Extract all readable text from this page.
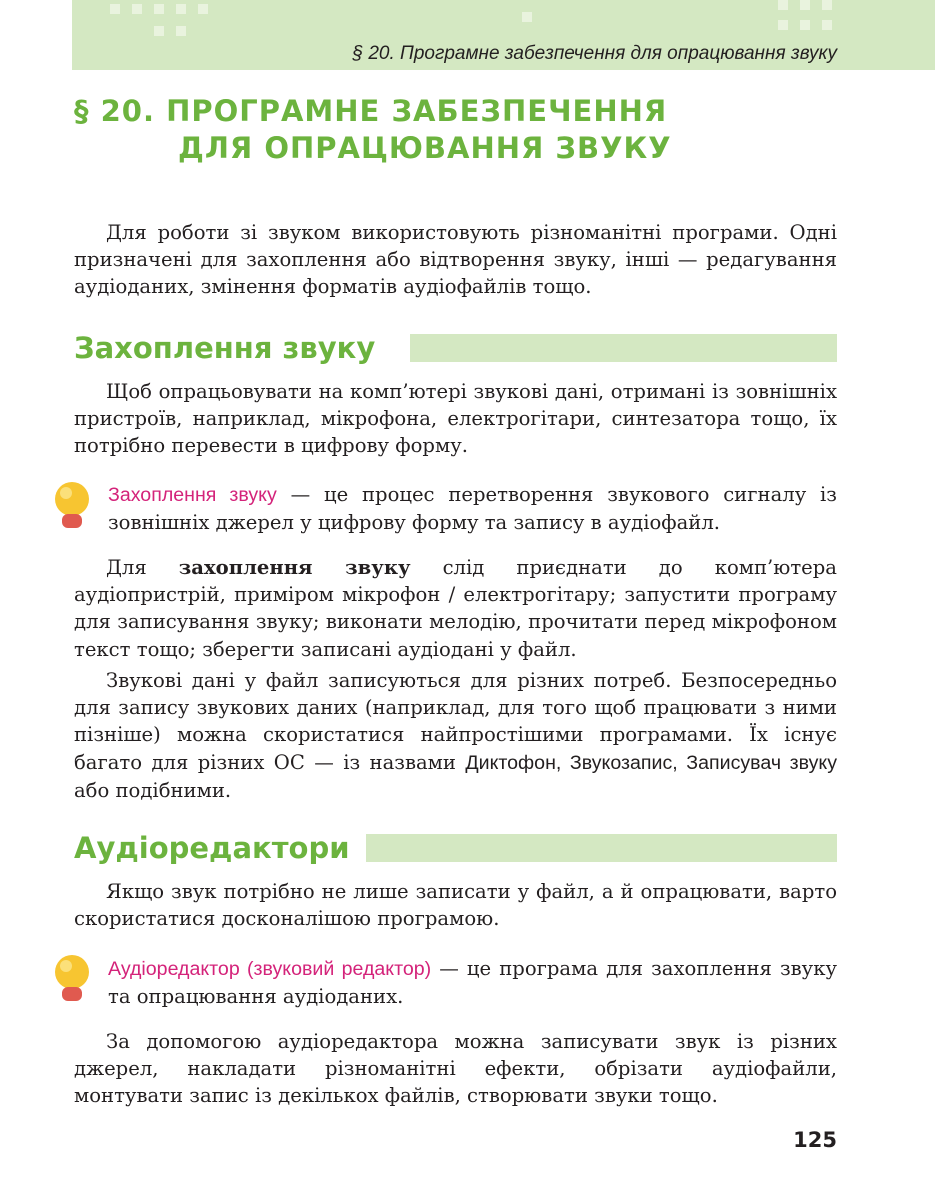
§ 20. Програмне забезпечення для опрацювання звуку
§ 20. ПРОГРАМНЕ ЗАБЕЗПЕЧЕННЯ
ДЛЯ ОПРАЦЮВАННЯ ЗВУКУ
Для роботи зі звуком використовують різноманітні програми. Одні призначені для захоплення або відтворення звуку, інші — редагування аудіоданих, змінення форматів аудіофайлів тощо.
Захоплення звуку
Щоб опрацьовувати на комп’ютері звукові дані, отримані із зовнішніх пристроїв, наприклад, мікрофона, електрогітари, синтезатора тощо, їх потрібно перевести в цифрову форму.
Захоплення звуку — це процес перетворення звукового сигналу із зовнішніх джерел у цифрову форму та запису в аудіофайл.
Для захоплення звуку слід приєднати до комп’ютера аудіопристрій, приміром мікрофон / електрогітару; запустити програму для записування звуку; виконати мелодію, прочитати перед мікрофоном текст тощо; зберегти записані аудіодані у файл.
Звукові дані у файл записуються для різних потреб. Безпосередньо для запису звукових даних (наприклад, для того щоб працювати з ними пізніше) можна скористатися найпростішими програмами. Їх існує багато для різних ОС — із назвами Диктофон, Звукозапис, Записувач звуку або подібними.
Аудіоредактори
Якщо звук потрібно не лише записати у файл, а й опрацювати, варто скористатися досконалішою програмою.
Аудіоредактор (звуковий редактор) — це програма для захоплення звуку та опрацювання аудіоданих.
За допомогою аудіоредактора можна записувати звук із різних джерел, накладати різноманітні ефекти, обрізати аудіофайли, монтувати запис із декількох файлів, створювати звуки тощо.
125
